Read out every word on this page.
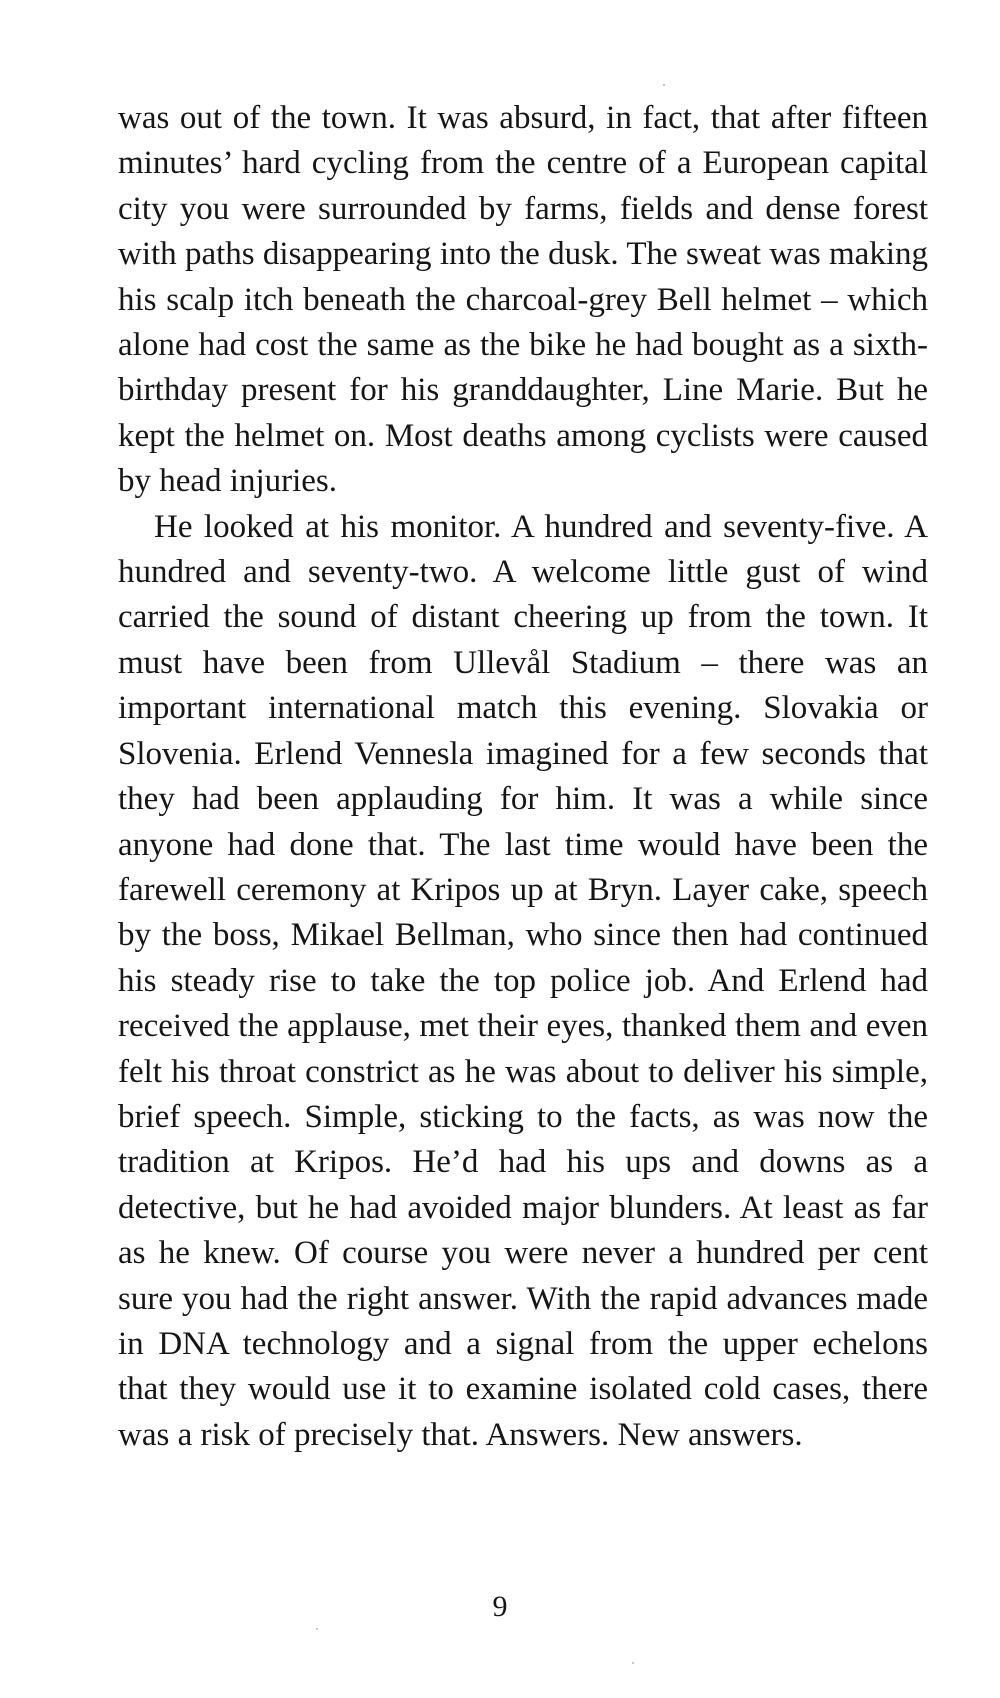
was out of the town. It was absurd, in fact, that after fifteen minutes’ hard cycling from the centre of a European capital city you were surrounded by farms, fields and dense forest with paths disappearing into the dusk. The sweat was making his scalp itch beneath the charcoal-grey Bell helmet – which alone had cost the same as the bike he had bought as a sixth-birthday present for his granddaughter, Line Marie. But he kept the helmet on. Most deaths among cyclists were caused by head injuries.

He looked at his monitor. A hundred and seventy-five. A hundred and seventy-two. A welcome little gust of wind carried the sound of distant cheering up from the town. It must have been from Ullevål Stadium – there was an important international match this evening. Slovakia or Slovenia. Erlend Vennesla imagined for a few seconds that they had been applauding for him. It was a while since anyone had done that. The last time would have been the farewell ceremony at Kripos up at Bryn. Layer cake, speech by the boss, Mikael Bellman, who since then had continued his steady rise to take the top police job. And Erlend had received the applause, met their eyes, thanked them and even felt his throat constrict as he was about to deliver his simple, brief speech. Simple, sticking to the facts, as was now the tradition at Kripos. He’d had his ups and downs as a detective, but he had avoided major blunders. At least as far as he knew. Of course you were never a hundred per cent sure you had the right answer. With the rapid advances made in DNA technology and a signal from the upper echelons that they would use it to examine isolated cold cases, there was a risk of precisely that. Answers. New answers.

9
